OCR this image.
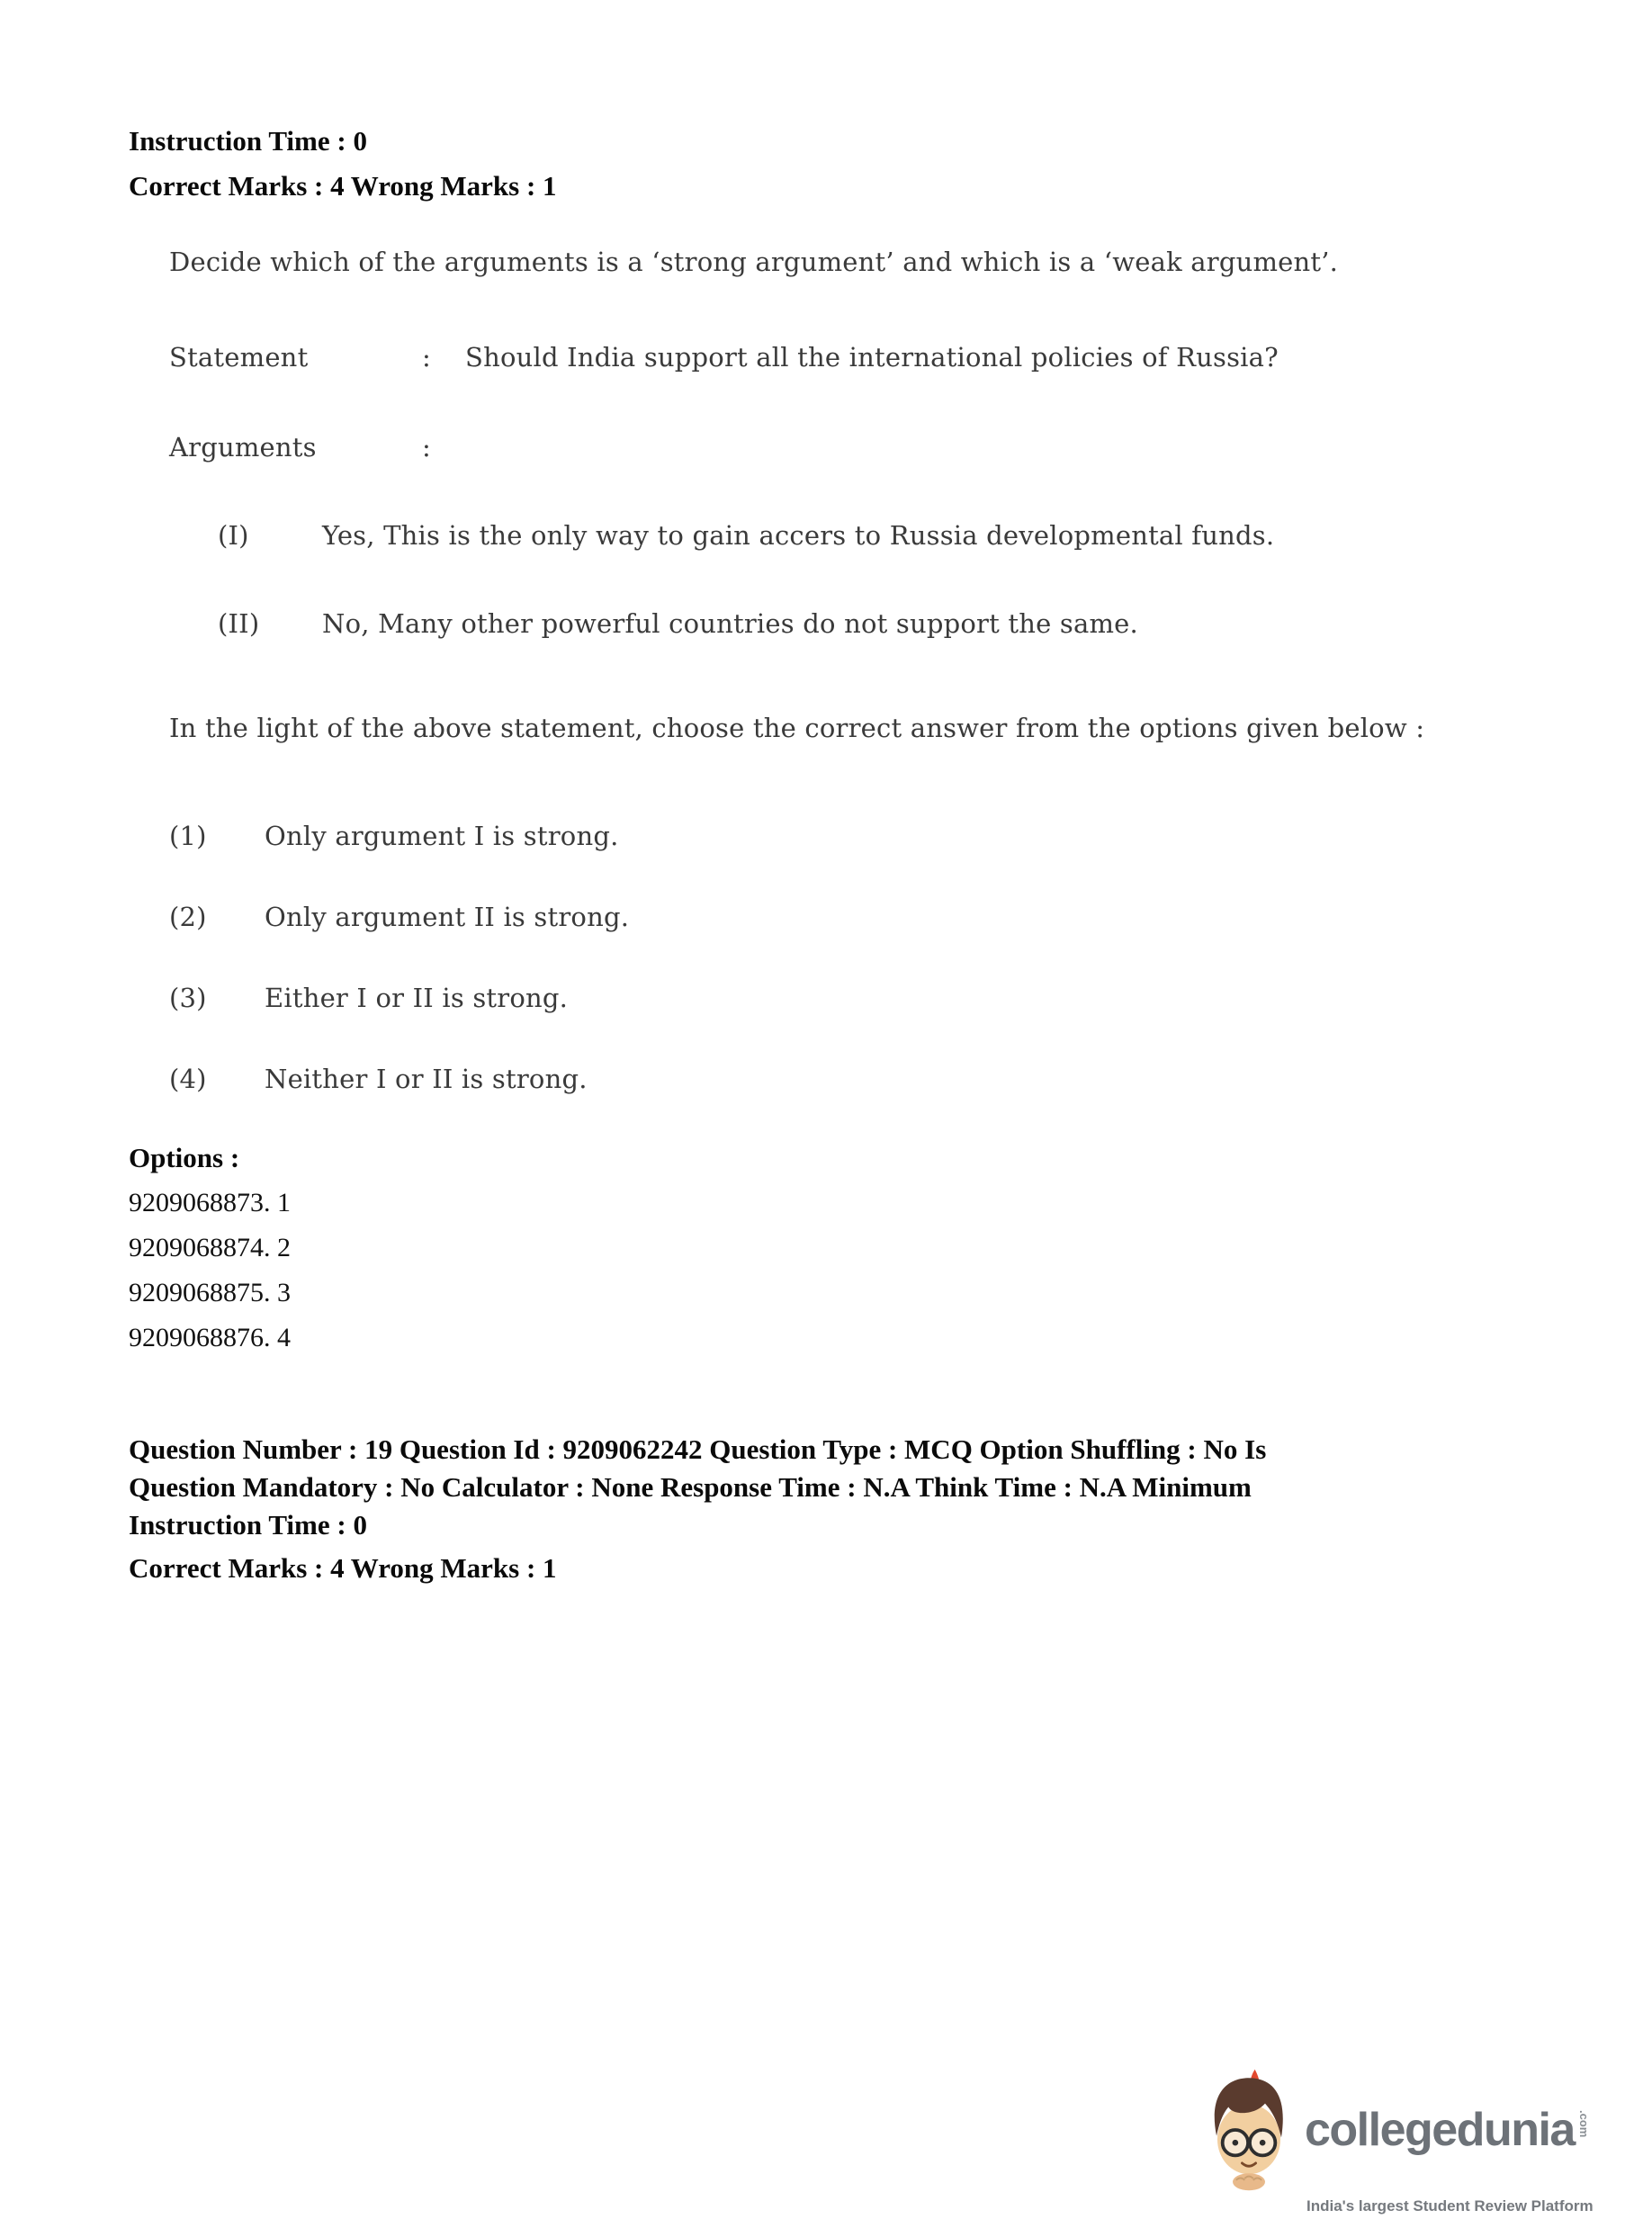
Instruction Time : 0
Correct Marks : 4 Wrong Marks : 1
Decide which of the arguments is a ‘strong argument’ and which is a ‘weak argument’.
Statement	:	Should India support all the international policies of Russia?
Arguments	:
(I)	Yes, This is the only way to gain accers to Russia developmental funds.
(II)	No, Many other powerful countries do not support the same.
In the light of the above statement, choose the correct answer from the options given below :
(1)	Only argument I is strong.
(2)	Only argument II is strong.
(3)	Either I or II is strong.
(4)	Neither I or II is strong.
Options :
9209068873. 1
9209068874. 2
9209068875. 3
9209068876. 4
Question Number : 19 Question Id : 9209062242 Question Type : MCQ Option Shuffling : No Is Question Mandatory : No Calculator : None Response Time : N.A Think Time : N.A Minimum Instruction Time : 0
Correct Marks : 4 Wrong Marks : 1
collegedunia .com
India's largest Student Review Platform
